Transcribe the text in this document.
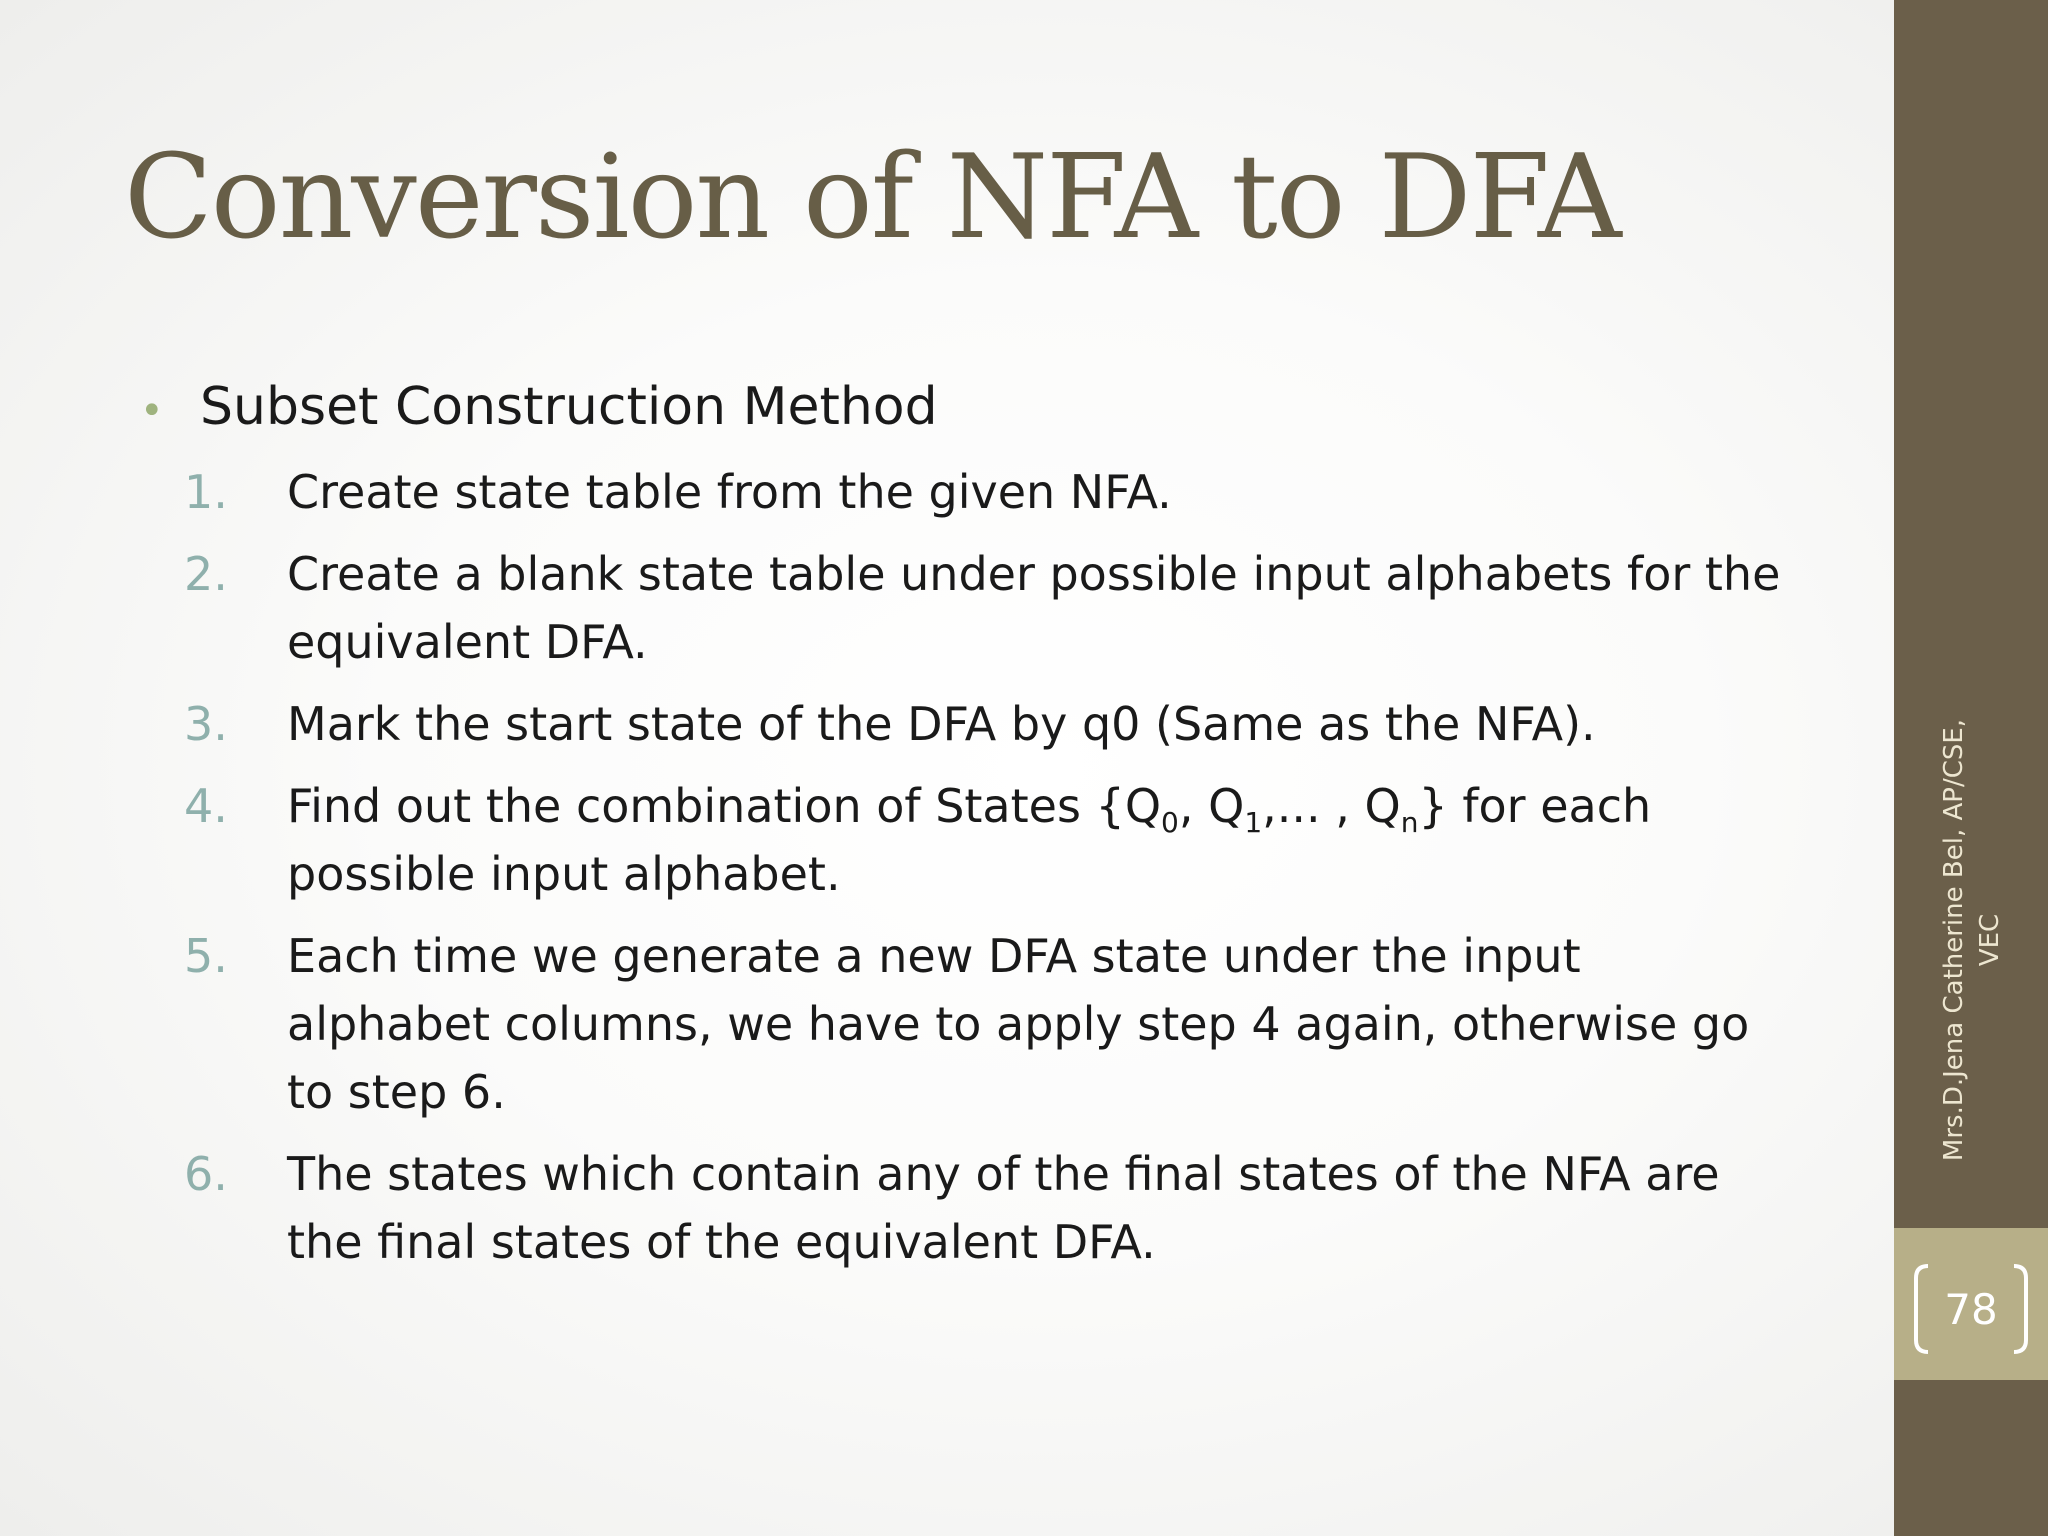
78
Mrs.D.Jena Catherine Bel, AP/CSE, VEC
Conversion of NFA to DFA
• Subset Construction Method
1.	Create state table from the given NFA.
2.	Create a blank state table under possible input alphabets for the equivalent DFA.
3.	Mark the start state of the DFA by q0 (Same as the NFA).
4.	Find out the combination of States {$Q_0$, $Q_1$,... , $Q_n$} for each possible input alphabet.
5.	Each time we generate a new DFA state under the input alphabet columns, we have to apply step 4 again, otherwise go to step 6.
6.	The states which contain any of the final states of the NFA are the final states of the equivalent DFA.
